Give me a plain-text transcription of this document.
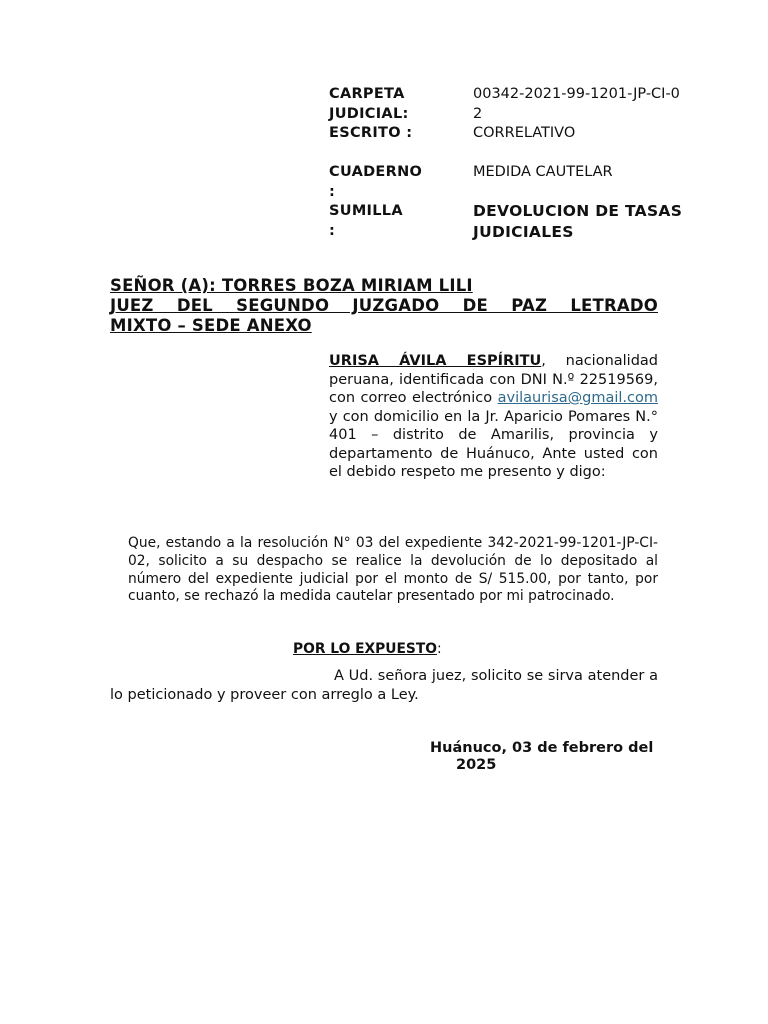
CARPETA JUDICIAL:
00342-2021-99-1201-JP-CI-02
ESCRITO :	CORRELATIVO
CUADERNO :
MEDIDA CAUTELAR
SUMILLA :
DEVOLUCION DE TASAS JUDICIALES
SEÑOR (A): TORRES BOZA MIRIAM LILI
JUEZ DEL SEGUNDO JUZGADO DE PAZ LETRADO
MIXTO – SEDE ANEXO
URISA ÁVILA ESPÍRITU, nacionalidad peruana, identificada con DNI N.º 22519569, con correo electrónico avilaurisa@gmail.com y con domicilio en la Jr. Aparicio Pomares N.° 401 – distrito de Amarilis, provincia y departamento de Huánuco, Ante usted con el debido respeto me presento y digo:
Que, estando a la resolución N° 03 del expediente 342-2021-99-1201-JP-CI-02, solicito a su despacho se realice la devolución de lo depositado al número del expediente judicial por el monto de S/ 515.00, por tanto, por cuanto, se rechazó la medida cautelar presentado por mi patrocinado.
POR LO EXPUESTO:
A Ud. señora juez, solicito se sirva atender a lo peticionado y proveer con arreglo a Ley.
Huánuco, 03 de febrero del
2025
